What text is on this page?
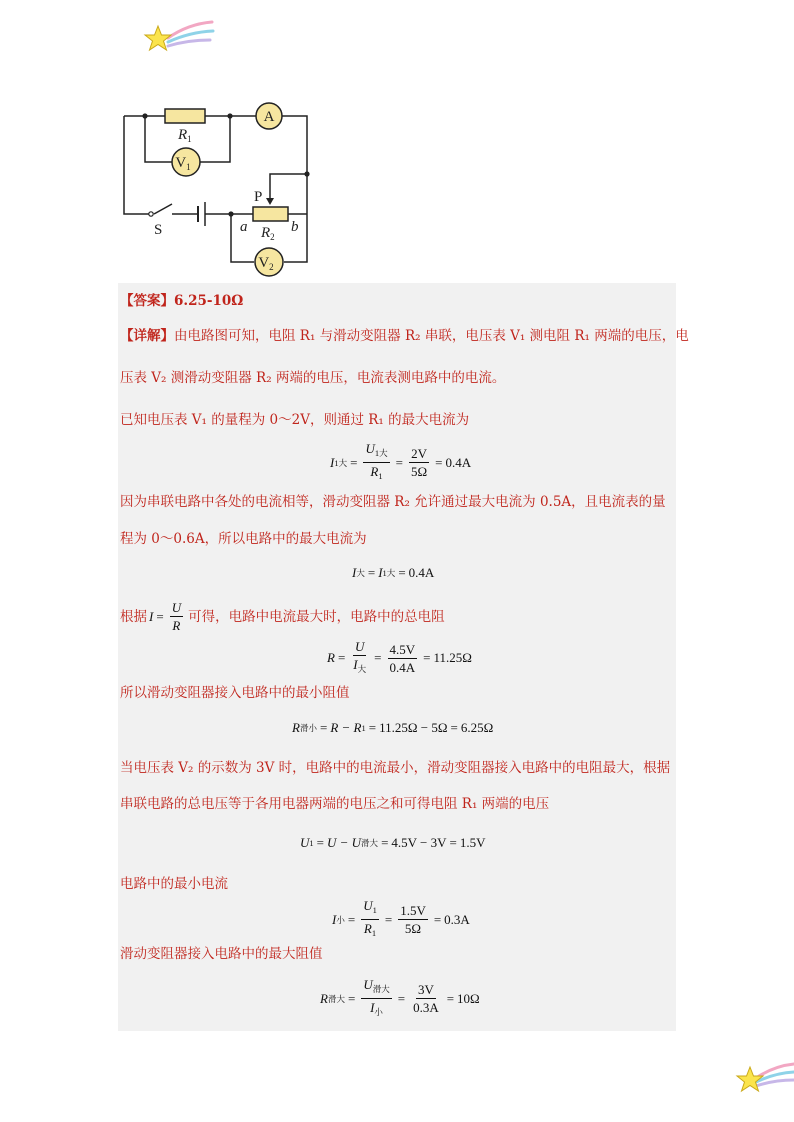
A
$V_1$
$V_2$
$R_1$
P
S	a $R_2$
b
【答案】6.25-10Ω
【详解】由电路图可知，电阻 R₁ 与滑动变阻器 R₂ 串联，电压表 V₁ 测电阻 R₁ 两端的电压，电
压表 V₂ 测滑动变阻器 R₂ 两端的电压，电流表测电路中的电流。
已知电压表 V₁ 的量程为 0～2V，则通过 R₁ 的最大电流为
I 1大 = $\frac{U_{1大}}{R_1} = \frac{2V}{5\Omega} = 0.4A$
因为串联电路中各处的电流相等，滑动变阻器 R₂ 允许通过最大电流为 0.5A，且电流表的量
程为 0～0.6A，所以电路中的最大电流为
I 大 = I 1大 = 0.4A
根据 $I = \frac{U}{R}$ 可得，电路中电流最大时，电路中的总电阻
$R = \frac{U}{I_大} = \frac{4.5V}{0.4A} = 11.25\Omega$
所以滑动变阻器接入电路中的最小阻值
R 滑小 = R − R 1 = 11.25Ω − 5Ω = 6.25Ω
当电压表 V₂ 的示数为 3V 时，电路中的电流最小，滑动变阻器接入电路中的电阻最大，根据
串联电路的总电压等于各用电器两端的电压之和可得电阻 R₁ 两端的电压
U 1 = U − U 滑大 = 4.5V − 3V = 1.5V
电路中的最小电流
I 小 = $\frac{U_1}{R_1} = \frac{1.5V}{5\Omega} = 0.3A$
滑动变阻器接入电路中的最大阻值
R 滑大 = $\frac{U_{滑大}}{I_小} = \frac{3V}{0.3A} = 10\Omega$
